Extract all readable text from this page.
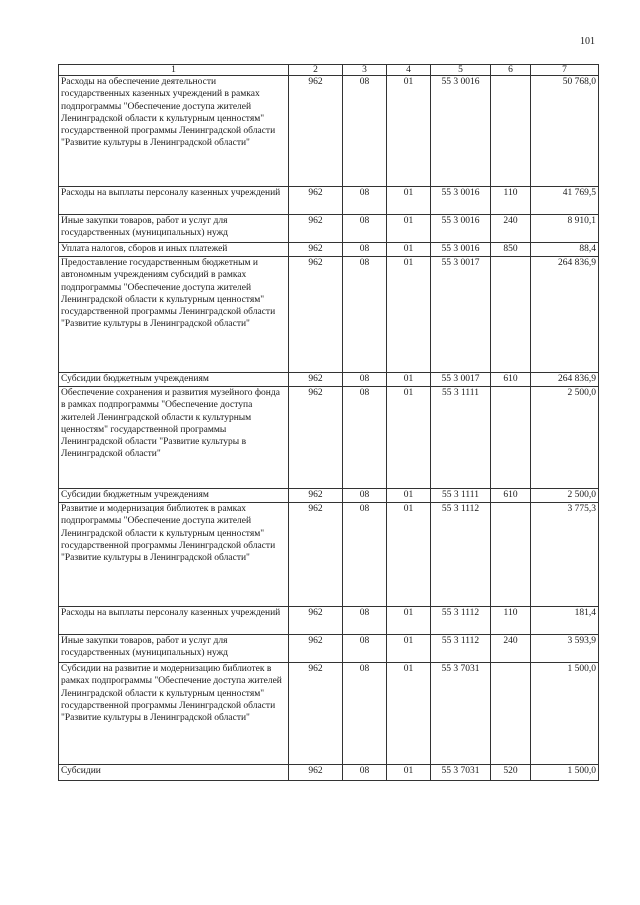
101
1	2	3	4	5	6	7
Расходы на обеспечение деятельности государственных казенных учреждений в рамках подпрограммы "Обеспечение доступа жителей Ленинградской области к культурным ценностям" государственной программы Ленинградской области "Развитие культуры в Ленинградской области"	962	08	01	55 3 0016		50 768,0
Расходы на выплаты персоналу казенных учреждений	962	08	01	55 3 0016	110	41 769,5
Иные закупки товаров, работ и услуг для государственных (муниципальных) нужд	962	08	01	55 3 0016	240	8 910,1
Уплата налогов, сборов и иных платежей	962	08	01	55 3 0016	850	88,4
Предоставление государственным бюджетным и автономным учреждениям субсидий в рамках подпрограммы "Обеспечение доступа жителей Ленинградской области к культурным ценностям" государственной программы Ленинградской области "Развитие культуры в Ленинградской области"	962	08	01	55 3 0017		264 836,9
Субсидии бюджетным учреждениям	962	08	01	55 3 0017	610	264 836,9
Обеспечение сохранения и развития музейного фонда в рамках подпрограммы "Обеспечение доступа жителей Ленинградской области к культурным ценностям" государственной программы Ленинградской области "Развитие культуры в Ленинградской области"	962	08	01	55 3 1111		2 500,0
Субсидии бюджетным учреждениям	962	08	01	55 3 1111	610	2 500,0
Развитие и модернизация библиотек в рамках подпрограммы "Обеспечение доступа жителей Ленинградской области к культурным ценностям" государственной программы Ленинградской области "Развитие культуры в Ленинградской области"	962	08	01	55 3 1112		3 775,3
Расходы на выплаты персоналу казенных учреждений	962	08	01	55 3 1112	110	181,4
Иные закупки товаров, работ и услуг для государственных (муниципальных) нужд	962	08	01	55 3 1112	240	3 593,9
Субсидии на развитие и модернизацию библиотек в рамках подпрограммы "Обеспечение доступа жителей Ленинградской области к культурным ценностям" государственной программы Ленинградской области "Развитие культуры в Ленинградской области"	962	08	01	55 3 7031		1 500,0
Субсидии	962	08	01	55 3 7031	520	1 500,0
